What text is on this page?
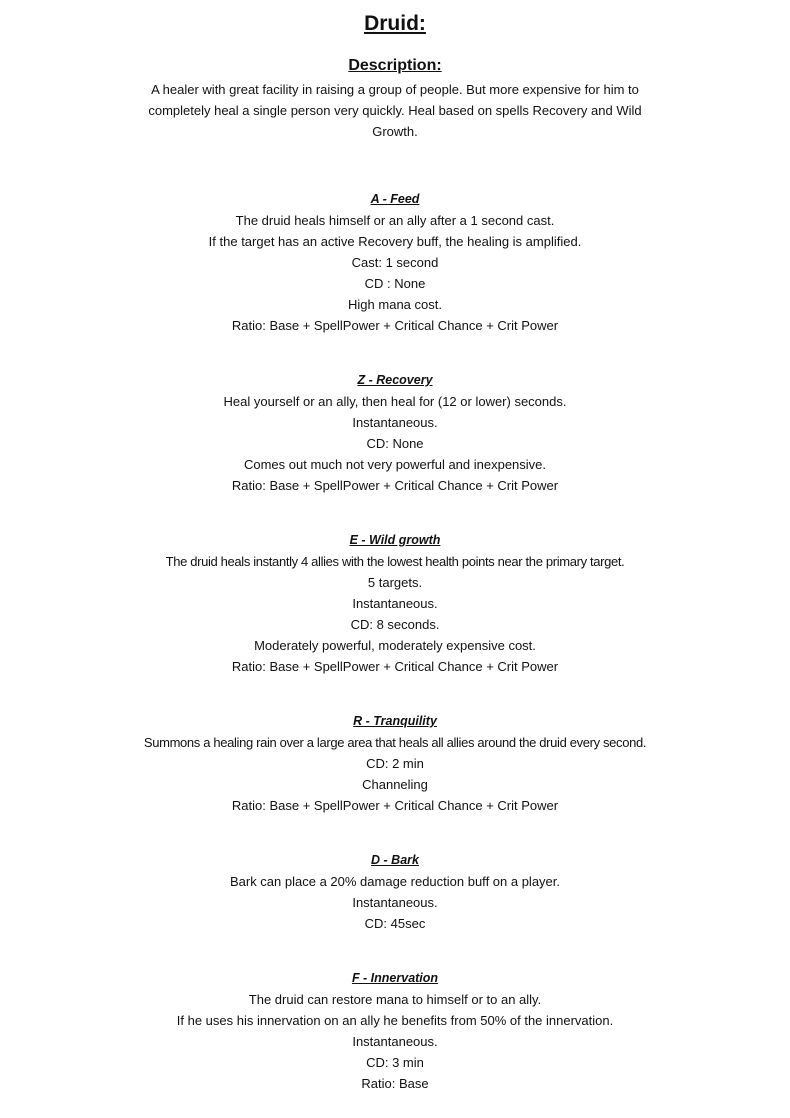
Druid:
Description:
A healer with great facility in raising a group of people. But more expensive for him to completely heal a single person very quickly. Heal based on spells Recovery and Wild Growth.
A - Feed
The druid heals himself or an ally after a 1 second cast.
If the target has an active Recovery buff, the healing is amplified.
Cast: 1 second
CD : None
High mana cost.
Ratio: Base + SpellPower + Critical Chance + Crit Power
Z - Recovery
Heal yourself or an ally, then heal for (12 or lower) seconds.
Instantaneous.
CD: None
Comes out much not very powerful and inexpensive.
Ratio: Base + SpellPower + Critical Chance + Crit Power
E - Wild growth
The druid heals instantly 4 allies with the lowest health points near the primary target.
5 targets.
Instantaneous.
CD: 8 seconds.
Moderately powerful, moderately expensive cost.
Ratio: Base + SpellPower + Critical Chance + Crit Power
R - Tranquility
Summons a healing rain over a large area that heals all allies around the druid every second.
CD: 2 min
Channeling
Ratio: Base + SpellPower + Critical Chance + Crit Power
D - Bark
Bark can place a 20% damage reduction buff on a player.
Instantaneous.
CD: 45sec
F - Innervation
The druid can restore mana to himself or to an ally.
If he uses his innervation on an ally he benefits from 50% of the innervation.
Instantaneous.
CD: 3 min
Ratio: Base
